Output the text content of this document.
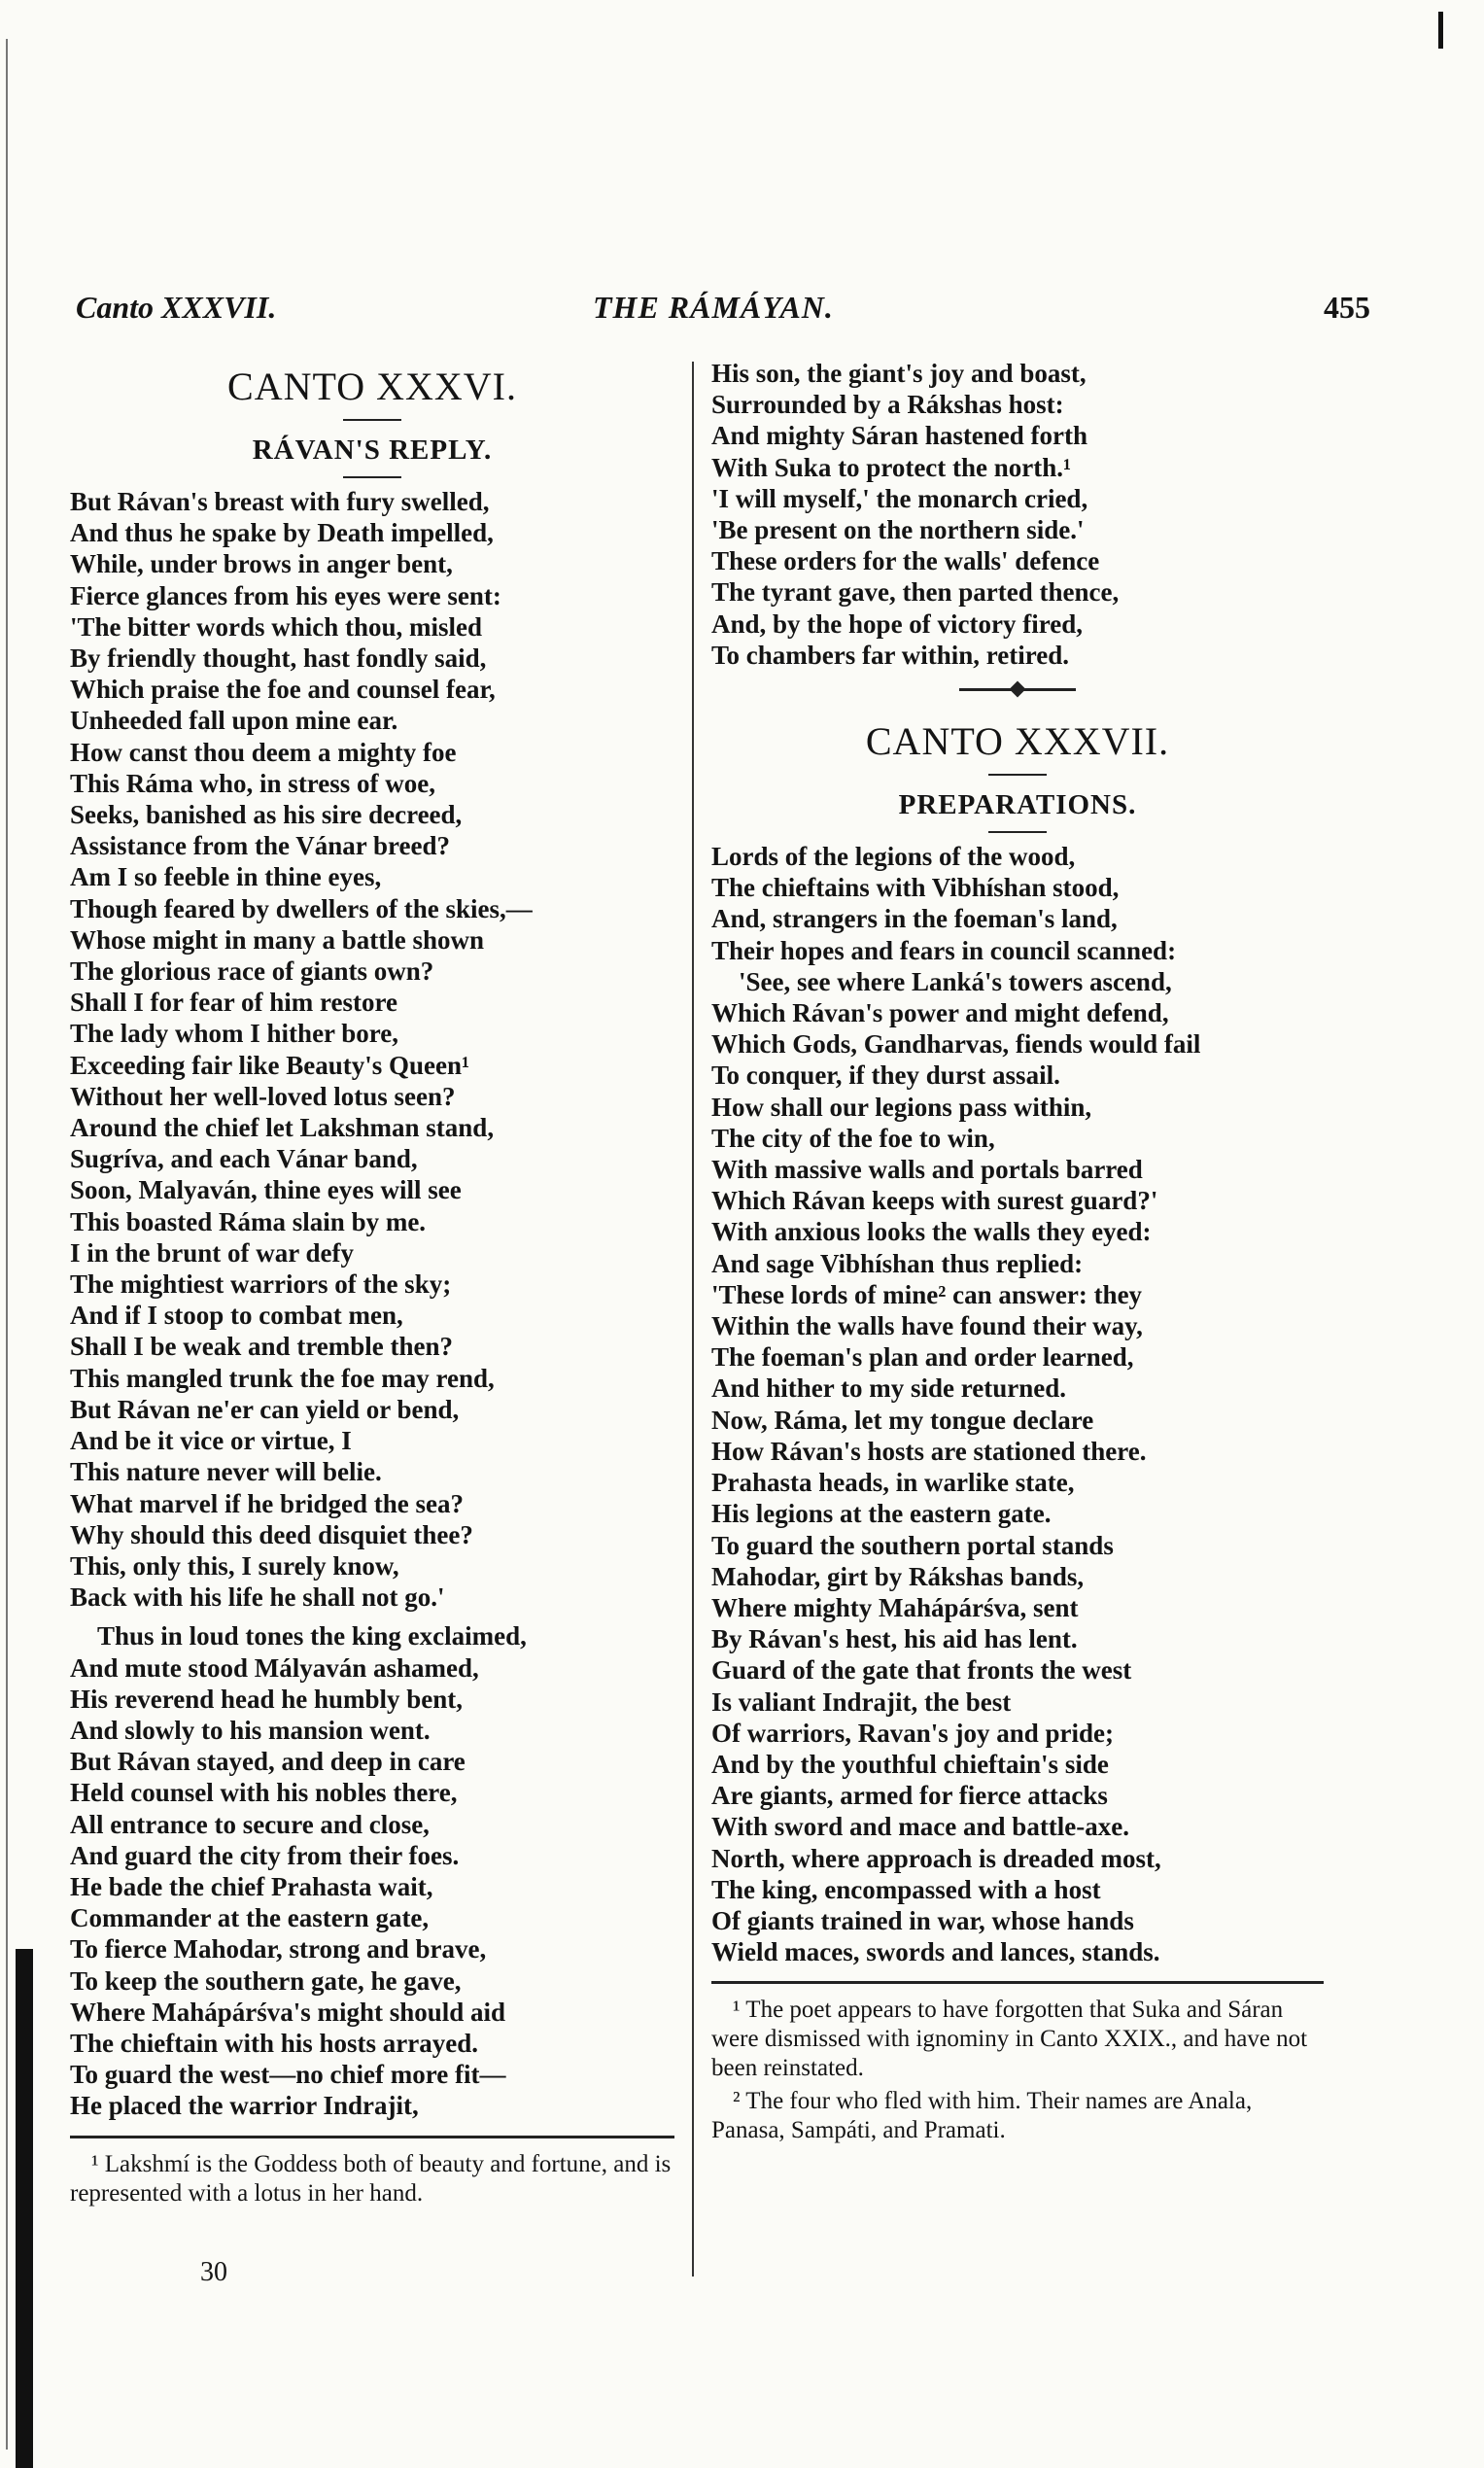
Canto XXXVII.	THE RÁMÁYAN.	455
CANTO XXXVI.
RÁVAN'S REPLY.
But Rávan's breast with fury swelled,
And thus he spake by Death impelled,
While, under brows in anger bent,
Fierce glances from his eyes were sent:
'The bitter words which thou, misled
By friendly thought, hast fondly said,
Which praise the foe and counsel fear,
Unheeded fall upon mine ear.
How canst thou deem a mighty foe
This Ráma who, in stress of woe,
Seeks, banished as his sire decreed,
Assistance from the Vánar breed?
Am I so feeble in thine eyes,
Though feared by dwellers of the skies,—
Whose might in many a battle shown
The glorious race of giants own?
Shall I for fear of him restore
The lady whom I hither bore,
Exceeding fair like Beauty's Queen¹
Without her well-loved lotus seen?
Around the chief let Lakshman stand,
Sugríva, and each Vánar band,
Soon, Malyaván, thine eyes will see
This boasted Ráma slain by me.
I in the brunt of war defy
The mightiest warriors of the sky;
And if I stoop to combat men,
Shall I be weak and tremble then?
This mangled trunk the foe may rend,
But Rávan ne'er can yield or bend,
And be it vice or virtue, I
This nature never will belie.
What marvel if he bridged the sea?
Why should this deed disquiet thee?
This, only this, I surely know,
Back with his life he shall not go.'
Thus in loud tones the king exclaimed,
And mute stood Mályaván ashamed,
His reverend head he humbly bent,
And slowly to his mansion went.
But Rávan stayed, and deep in care
Held counsel with his nobles there,
All entrance to secure and close,
And guard the city from their foes.
He bade the chief Prahasta wait,
Commander at the eastern gate,
To fierce Mahodar, strong and brave,
To keep the southern gate, he gave,
Where Mahápárśva's might should aid
The chieftain with his hosts arrayed.
To guard the west—no chief more fit—
He placed the warrior Indrajit,

¹ Lakshmí is the Goddess both of beauty and fortune, and is represented with a lotus in her hand.

His son, the giant's joy and boast,
Surrounded by a Rákshas host:
And mighty Sáran hastened forth
With Suka to protect the north.¹
'I will myself,' the monarch cried,
'Be present on the northern side.'
These orders for the walls' defence
The tyrant gave, then parted thence,
And, by the hope of victory fired,
To chambers far within, retired.
CANTO XXXVII.
PREPARATIONS.
Lords of the legions of the wood,
The chieftains with Vibhíshan stood,
And, strangers in the foeman's land,
Their hopes and fears in council scanned:
'See, see where Lanká's towers ascend,
Which Rávan's power and might defend,
Which Gods, Gandharvas, fiends would fail
To conquer, if they durst assail.
How shall our legions pass within,
The city of the foe to win,
With massive walls and portals barred
Which Rávan keeps with surest guard?'
With anxious looks the walls they eyed:
And sage Vibhíshan thus replied:
'These lords of mine² can answer: they
Within the walls have found their way,
The foeman's plan and order learned,
And hither to my side returned.
Now, Ráma, let my tongue declare
How Rávan's hosts are stationed there.
Prahasta heads, in warlike state,
His legions at the eastern gate.
To guard the southern portal stands
Mahodar, girt by Rákshas bands,
Where mighty Mahápárśva, sent
By Rávan's hest, his aid has lent.
Guard of the gate that fronts the west
Is valiant Indrajit, the best
Of warriors, Ravan's joy and pride;
And by the youthful chieftain's side
Are giants, armed for fierce attacks
With sword and mace and battle-axe.
North, where approach is dreaded most,
The king, encompassed with a host
Of giants trained in war, whose hands
Wield maces, swords and lances, stands.

¹ The poet appears to have forgotten that Suka and Sáran were dismissed with ignominy in Canto XXIX., and have not been reinstated.

² The four who fled with him. Their names are Anala, Panasa, Sampáti, and Pramati.

30
